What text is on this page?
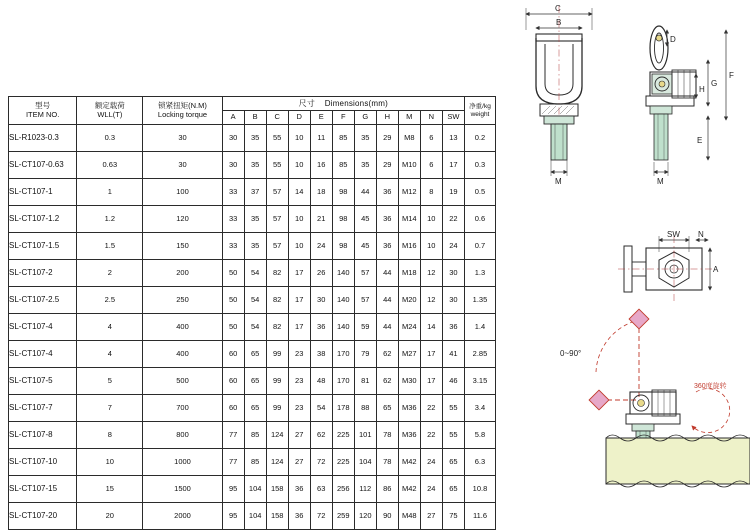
型号
ITEM NO.

额定载荷
WLL(T)

锁紧扭矩(N.M)
Locking torque
	尺寸 Dimensions(mm)	净重/kg
weight

			A	B	C	D	E	F	G	H	M	N	SW	
SL-R1023-0.3	0.3	30	30	35	55	10	11	85	35	29	M8	6	13	0.2
SL-CT107-0.63	0.63	30	30	35	55	10	16	85	35	29	M10	6	17	0.3
SL-CT107-1	1	100	33	37	57	14	18	98	44	36	M12	8	19	0.5
SL-CT107-1.2	1.2	120	33	35	57	10	21	98	45	36	M14	10	22	0.6
SL-CT107-1.5	1.5	150	33	35	57	10	24	98	45	36	M16	10	24	0.7
SL-CT107-2	2	200	50	54	82	17	26	140	57	44	M18	12	30	1.3
SL-CT107-2.5	2.5	250	50	54	82	17	30	140	57	44	M20	12	30	1.35
SL-CT107-4	4	400	50	54	82	17	36	140	59	44	M24	14	36	1.4
SL-CT107-4	4	400	60	65	99	23	38	170	79	62	M27	17	41	2.85
SL-CT107-5	5	500	60	65	99	23	48	170	81	62	M30	17	46	3.15
SL-CT107-7	7	700	60	65	99	23	54	178	88	65	M36	22	55	3.4
SL-CT107-8	8	800	77	85	124	27	62	225	101	78	M36	22	55	5.8
SL-CT107-10	10	1000	77	85	124	27	72	225	104	78	M42	24	65	6.3
SL-CT107-15	15	1500	95	104	158	36	63	256	112	86	M42	24	65	10.8
SL-CT107-20	20	2000	95	104	158	36	72	259	120	90	M48	27	75	11.6
C
B
M
D
F
G
H
E
M
SW N
A
0~90°
360度旋转
